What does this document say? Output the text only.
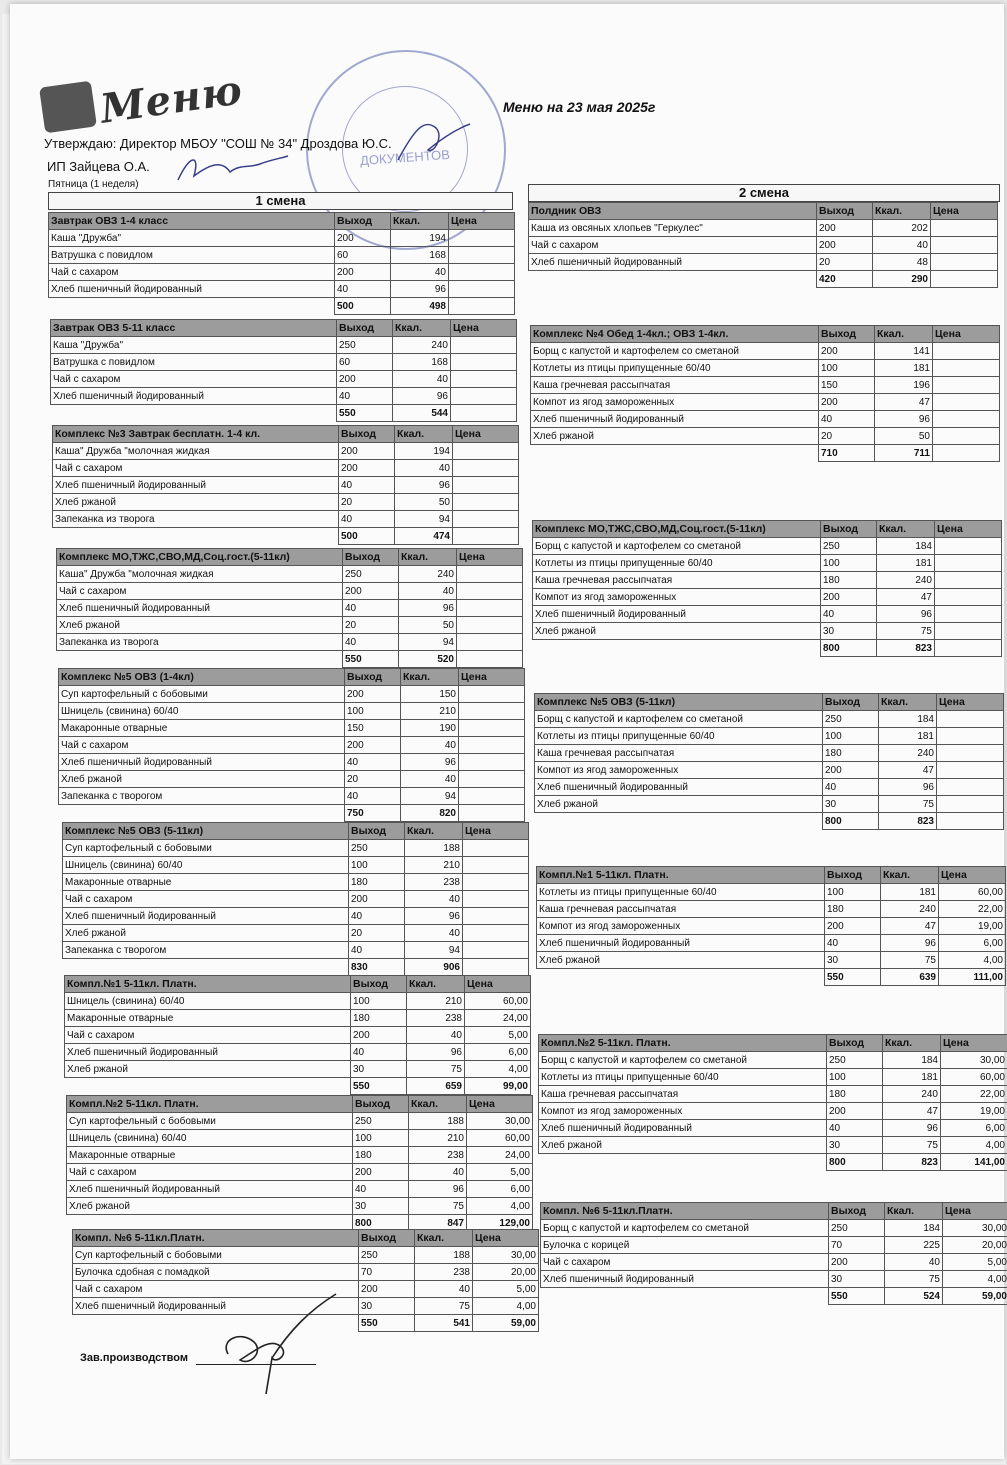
Меню
ДОКУМЕНТОВ
Меню на 23 мая 2025г
Утверждаю: Директор МБОУ "СОШ № 34" Дроздова Ю.С.
ИП Зайцева О.А.
Пятница (1 неделя)
1 смена
2 смена
Завтрак ОВЗ 1-4 класс	Выход	Ккал.	Цена
Каша "Дружба"	200	194	
Ватрушка с повидлом	60	168	
Чай с сахаром	200	40	
Хлеб пшеничный йодированный	40	96	
	500	498	
Завтрак ОВЗ 5-11 класс	Выход	Ккал.	Цена
Каша "Дружба"	250	240	
Ватрушка с повидлом	60	168	
Чай с сахаром	200	40	
Хлеб пшеничный йодированный	40	96	
	550	544	
Комплекс №3 Завтрак бесплатн. 1-4 кл.	Выход	Ккал.	Цена
Каша" Дружба "молочная жидкая	200	194	
Чай с сахаром	200	40	
Хлеб пшеничный йодированный	40	96	
Хлеб ржаной	20	50	
Запеканка из творога	40	94	
	500	474	
Комплекс МО,ТЖС,СВО,МД,Соц.гост.(5-11кл)	Выход	Ккал.	Цена
Каша" Дружба "молочная жидкая	250	240	
Чай с сахаром	200	40	
Хлеб пшеничный йодированный	40	96	
Хлеб ржаной	20	50	
Запеканка из творога	40	94	
	550	520	
Комплекс №5 ОВЗ (1-4кл)	Выход	Ккал.	Цена
Суп картофельный с бобовыми	200	150	
Шницель (свинина) 60/40	100	210	
Макаронные отварные	150	190	
Чай с сахаром	200	40	
Хлеб пшеничный йодированный	40	96	
Хлеб ржаной	20	40	
Запеканка с творогом	40	94	
	750	820	
Комплекс №5 ОВЗ (5-11кл)	Выход	Ккал.	Цена
Суп картофельный с бобовыми	250	188	
Шницель (свинина) 60/40	100	210	
Макаронные отварные	180	238	
Чай с сахаром	200	40	
Хлеб пшеничный йодированный	40	96	
Хлеб ржаной	20	40	
Запеканка с творогом	40	94	
	830	906	
Компл.№1 5-11кл. Платн.	Выход	Ккал.	Цена
Шницель (свинина) 60/40	100	210	60,00
Макаронные отварные	180	238	24,00
Чай с сахаром	200	40	5,00
Хлеб пшеничный йодированный	40	96	6,00
Хлеб ржаной	30	75	4,00
	550	659	99,00
Компл.№2 5-11кл. Платн.	Выход	Ккал.	Цена
Суп картофельный с бобовыми	250	188	30,00
Шницель (свинина) 60/40	100	210	60,00
Макаронные отварные	180	238	24,00
Чай с сахаром	200	40	5,00
Хлеб пшеничный йодированный	40	96	6,00
Хлеб ржаной	30	75	4,00
	800	847	129,00
Компл. №6 5-11кл.Платн.	Выход	Ккал.	Цена
Суп картофельный с бобовыми	250	188	30,00
Булочка сдобная с помадкой	70	238	20,00
Чай с сахаром	200	40	5,00
Хлеб пшеничный йодированный	30	75	4,00
	550	541	59,00
Полдник ОВЗ	Выход	Ккал.	Цена
Каша из овсяных хлопьев "Геркулес"	200	202	
Чай с сахаром	200	40	
Хлеб пшеничный йодированный	20	48	
	420	290	
Комплекс №4 Обед 1-4кл.; ОВЗ 1-4кл.	Выход	Ккал.	Цена
Борщ с капустой и картофелем со сметаной	200	141	
Котлеты из птицы припущенные 60/40	100	181	
Каша гречневая рассыпчатая	150	196	
Компот из ягод замороженных	200	47	
Хлеб пшеничный йодированный	40	96	
Хлеб ржаной	20	50	
	710	711	
Комплекс МО,ТЖС,СВО,МД,Соц.гост.(5-11кл)	Выход	Ккал.	Цена
Борщ с капустой и картофелем со сметаной	250	184	
Котлеты из птицы припущенные 60/40	100	181	
Каша гречневая рассыпчатая	180	240	
Компот из ягод замороженных	200	47	
Хлеб пшеничный йодированный	40	96	
Хлеб ржаной	30	75	
	800	823	
Комплекс №5 ОВЗ (5-11кл)	Выход	Ккал.	Цена
Борщ с капустой и картофелем со сметаной	250	184	
Котлеты из птицы припущенные 60/40	100	181	
Каша гречневая рассыпчатая	180	240	
Компот из ягод замороженных	200	47	
Хлеб пшеничный йодированный	40	96	
Хлеб ржаной	30	75	
	800	823	
Компл.№1 5-11кл. Платн.	Выход	Ккал.	Цена
Котлеты из птицы припущенные 60/40	100	181	60,00
Каша гречневая рассыпчатая	180	240	22,00
Компот из ягод замороженных	200	47	19,00
Хлеб пшеничный йодированный	40	96	6,00
Хлеб ржаной	30	75	4,00
	550	639	111,00
Компл.№2 5-11кл. Платн.	Выход	Ккал.	Цена
Борщ с капустой и картофелем со сметаной	250	184	30,00
Котлеты из птицы припущенные 60/40	100	181	60,00
Каша гречневая рассыпчатая	180	240	22,00
Компот из ягод замороженных	200	47	19,00
Хлеб пшеничный йодированный	40	96	6,00
Хлеб ржаной	30	75	4,00
	800	823	141,00
Компл. №6 5-11кл.Платн.	Выход	Ккал.	Цена
Борщ с капустой и картофелем со сметаной	250	184	30,00
Булочка с корицей	70	225	20,00
Чай с сахаром	200	40	5,00
Хлеб пшеничный йодированный	30	75	4,00
	550	524	59,00
Зав.производством
